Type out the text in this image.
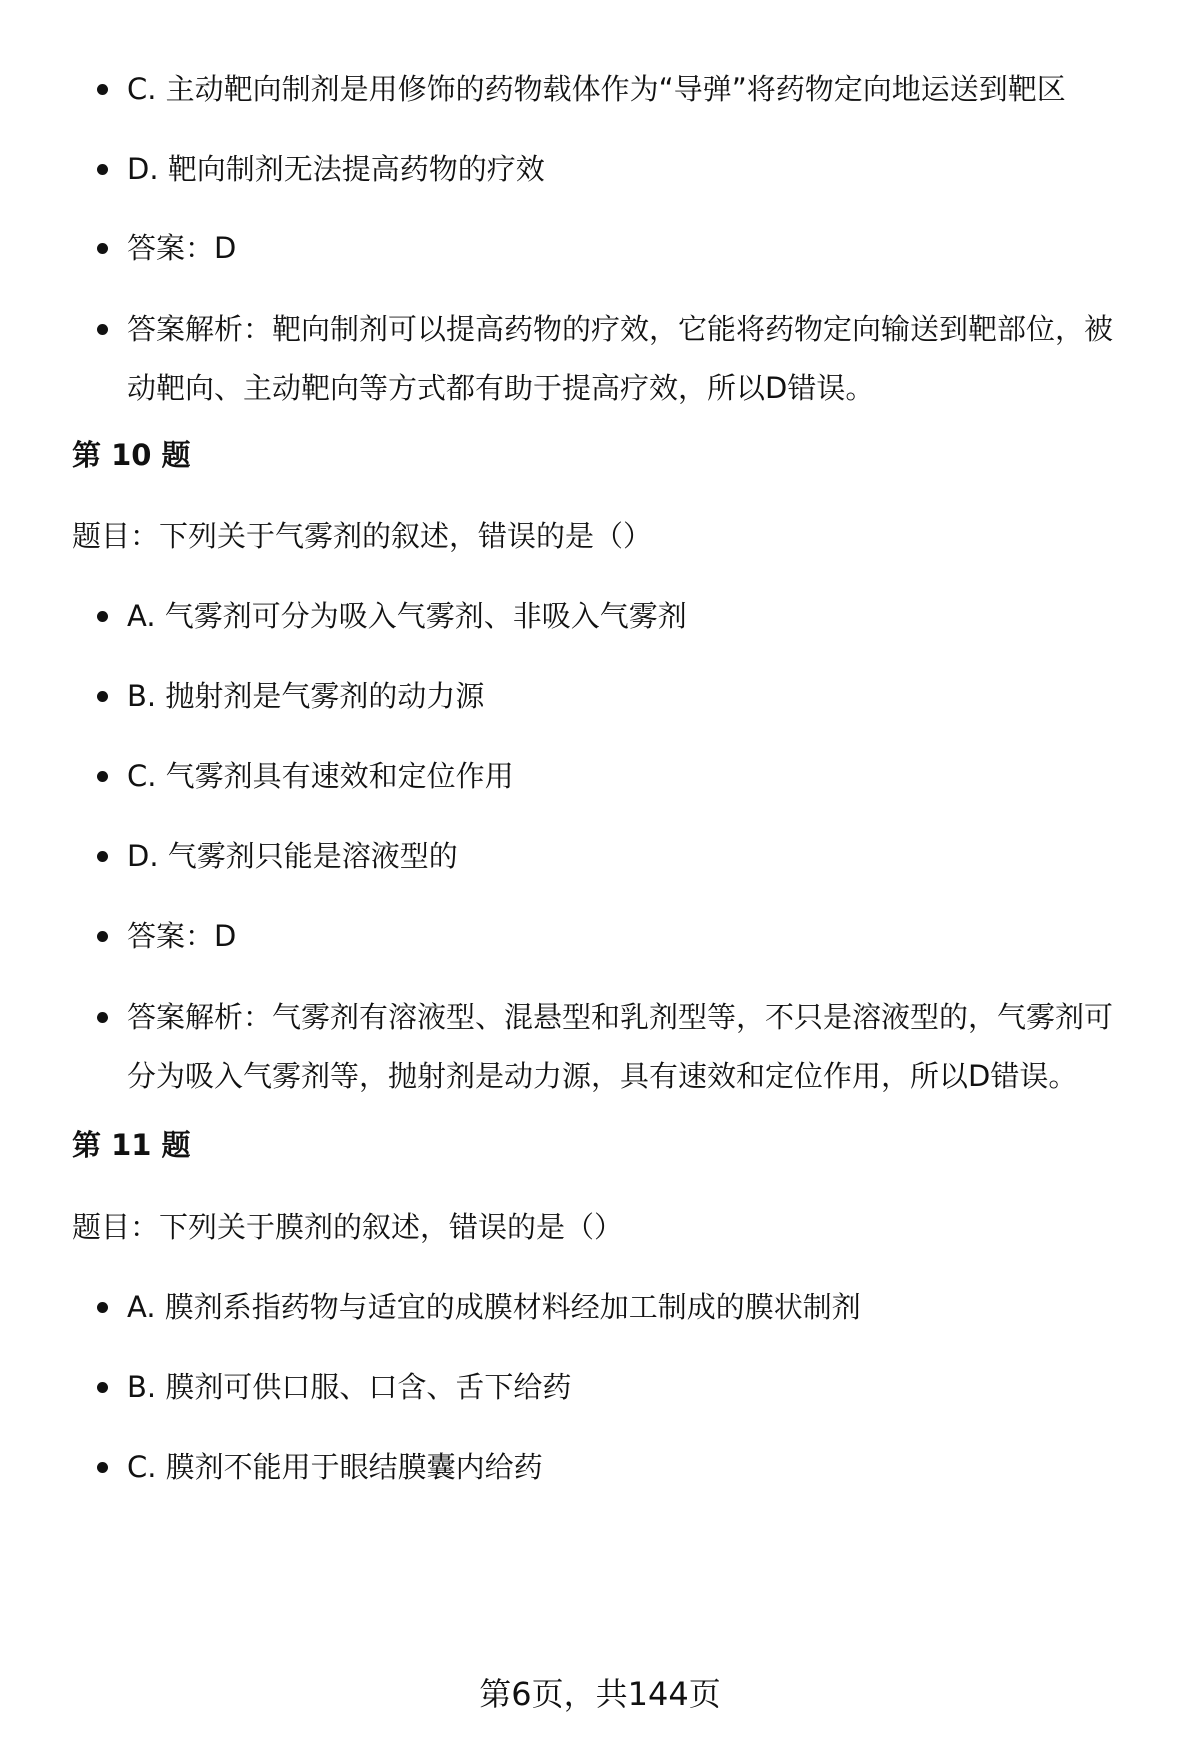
C. 主动靶向制剂是用修饰的药物载体作为“导弹”将药物定向地运送到靶区
D. 靶向制剂无法提高药物的疗效
答案：D
答案解析：靶向制剂可以提高药物的疗效，它能将药物定向输送到靶部位，被动靶向、主动靶向等方式都有助于提高疗效，所以D错误。
第 10 题
题目：下列关于气雾剂的叙述，错误的是（）
A. 气雾剂可分为吸入气雾剂、非吸入气雾剂
B. 抛射剂是气雾剂的动力源
C. 气雾剂具有速效和定位作用
D. 气雾剂只能是溶液型的
答案：D
答案解析：气雾剂有溶液型、混悬型和乳剂型等，不只是溶液型的，气雾剂可分为吸入气雾剂等，抛射剂是动力源，具有速效和定位作用，所以D错误。
第 11 题
题目：下列关于膜剂的叙述，错误的是（）
A. 膜剂系指药物与适宜的成膜材料经加工制成的膜状制剂
B. 膜剂可供口服、口含、舌下给药
C. 膜剂不能用于眼结膜囊内给药
第6页，共144页
